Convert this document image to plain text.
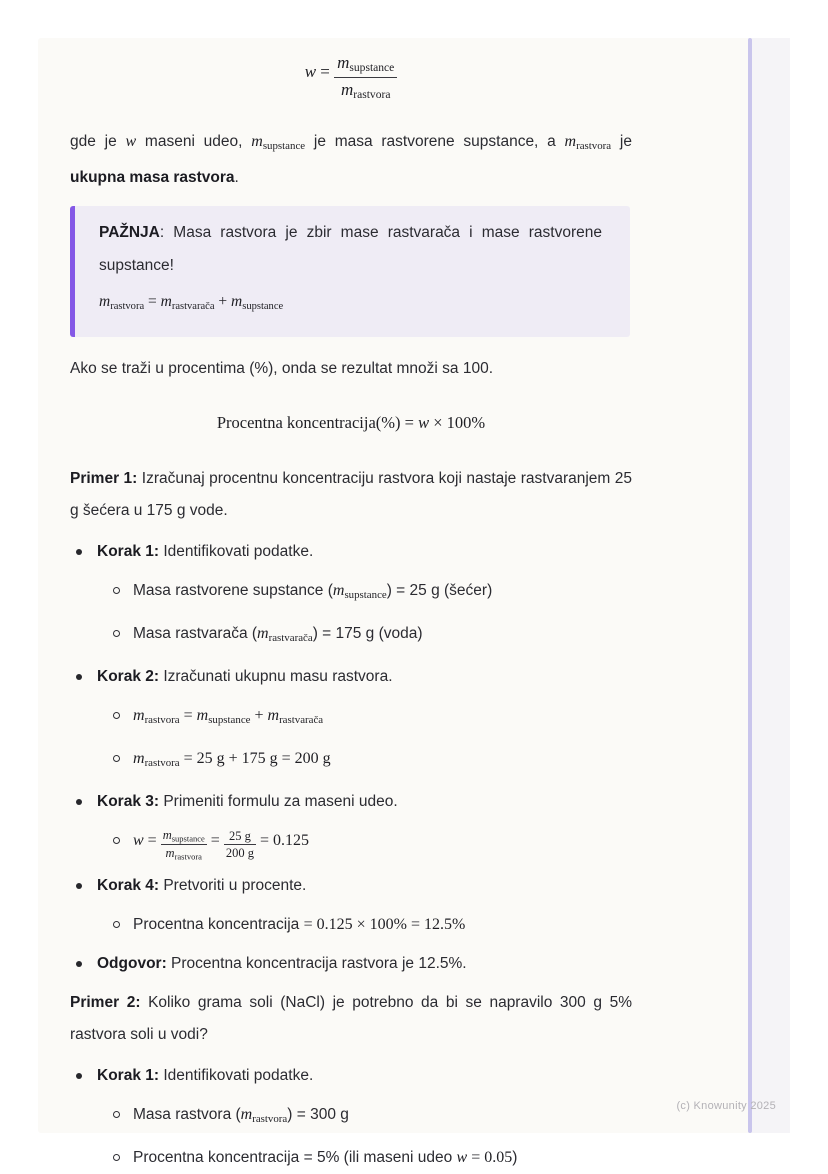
(c) Knowunity 2025
$w = \frac{\text{msupstance}}{\text{mrastvora}}$

gde je w maseni udeo, msupstance je masa rastvorene supstance, a mrastvora je ukupna masa rastvora.

PAŽNJA: Masa rastvora je zbir mase rastvarača i mase rastvorene supstance!
mrastvora = mrastvarača + msupstance

Ako se traži u procentima (%), onda se rezultat množi sa 100.

Procentna koncentracija(%) = w × 100%

Primer 1: Izračunaj procentnu koncentraciju rastvora koji nastaje rastvaranjem 25 g šećera u 175 g vode.

Korak 1: Identifikovati podatke.
Masa rastvorene supstance (msupstance) = 25 g (šećer)
Masa rastvarača (mrastvarača) = 175 g (voda)
Korak 2: Izračunati ukupnu masu rastvora.
mrastvora = msupstance + mrastvarača
mrastvora = 25 g + 175 g = 200 g
Korak 3: Primeniti formulu za maseni udeo.
$w = \frac{\text{msupstance}}{\text{mrastvora}} = \frac{25 g}{200 g} = 0.125$
Korak 4: Pretvoriti u procente.
Procentna koncentracija = 0.125 × 100% = 12.5%
Odgovor: Procentna koncentracija rastvora je 12.5%.

Primer 2: Koliko grama soli (NaCl) je potrebno da bi se napravilo 300 g 5% rastvora soli u vodi?

Korak 1: Identifikovati podatke.
Masa rastvora (mrastvora) = 300 g
Procentna koncentracija = 5% (ili maseni udeo w = 0.05)
